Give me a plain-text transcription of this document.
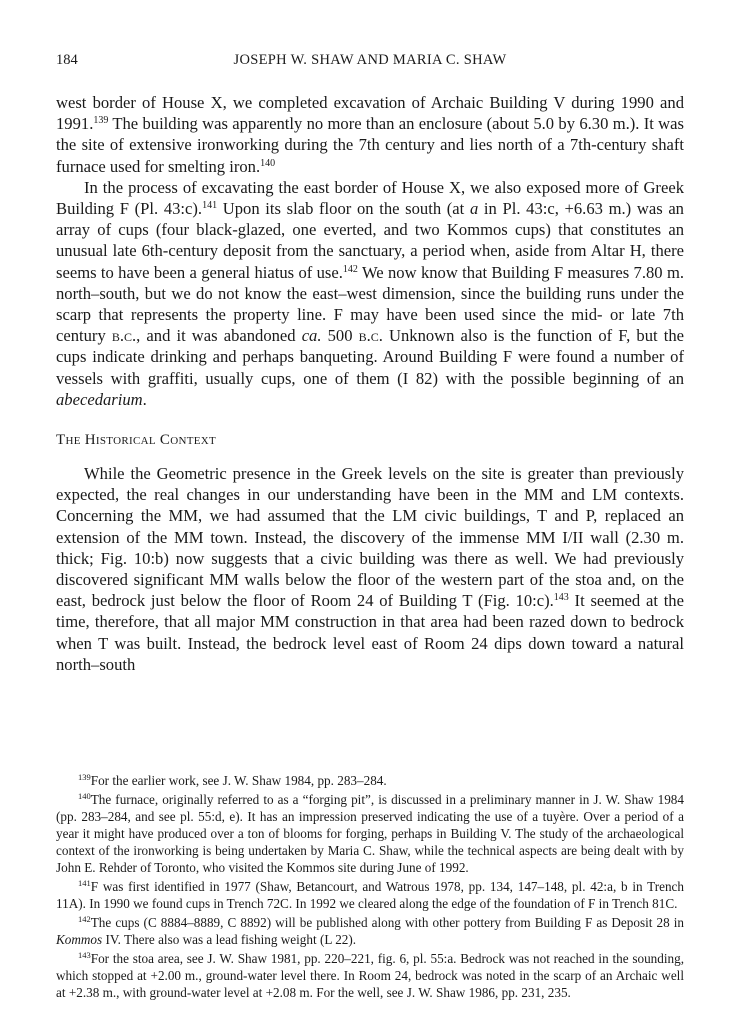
184	JOSEPH W. SHAW AND MARIA C. SHAW

west border of House X, we completed excavation of Archaic Building V during 1990 and 1991.$^{139}$ The building was apparently no more than an enclosure (about 5.0 by 6.30 m.). It was the site of extensive ironworking during the 7th century and lies north of a 7th-century shaft furnace used for smelting iron.$^{140}$

In the process of excavating the east border of House X, we also exposed more of Greek Building F (Pl. 43:c).$^{141}$ Upon its slab floor on the south (at a in Pl. 43:c, +6.63 m.) was an array of cups (four black-glazed, one everted, and two Kommos cups) that constitutes an unusual late 6th-century deposit from the sanctuary, a period when, aside from Altar H, there seems to have been a general hiatus of use.$^{142}$ We now know that Building F measures 7.80 m. north–south, but we do not know the east–west dimension, since the building runs under the scarp that represents the property line. F may have been used since the mid- or late 7th century b.c., and it was abandoned ca. 500 b.c. Unknown also is the function of F, but the cups indicate drinking and perhaps banqueting. Around Building F were found a number of vessels with graffiti, usually cups, one of them (I 82) with the possible beginning of an abecedarium.

The Historical Context

While the Geometric presence in the Greek levels on the site is greater than previously expected, the real changes in our understanding have been in the MM and LM contexts. Concerning the MM, we had assumed that the LM civic buildings, T and P, replaced an extension of the MM town. Instead, the discovery of the immense MM I/II wall (2.30 m. thick; Fig. 10:b) now suggests that a civic building was there as well. We had previously discovered significant MM walls below the floor of the western part of the stoa and, on the east, bedrock just below the floor of Room 24 of Building T (Fig. 10:c).$^{143}$ It seemed at the time, therefore, that all major MM construction in that area had been razed down to bedrock when T was built. Instead, the bedrock level east of Room 24 dips down toward a natural north–south

$^{139}$For the earlier work, see J. W. Shaw 1984, pp. 283–284.

$^{140}$The furnace, originally referred to as a “forging pit”, is discussed in a preliminary manner in J. W. Shaw 1984 (pp. 283–284, and see pl. 55:d, e). It has an impression preserved indicating the use of a tuyère. Over a period of a year it might have produced over a ton of blooms for forging, perhaps in Building V. The study of the archaeological context of the ironworking is being undertaken by Maria C. Shaw, while the technical aspects are being dealt with by John E. Rehder of Toronto, who visited the Kommos site during June of 1992.

$^{141}$F was first identified in 1977 (Shaw, Betancourt, and Watrous 1978, pp. 134, 147–148, pl. 42:a, b in Trench 11A). In 1990 we found cups in Trench 72C. In 1992 we cleared along the edge of the foundation of F in Trench 81C.

$^{142}$The cups (C 8884–8889, C 8892) will be published along with other pottery from Building F as Deposit 28 in Kommos IV. There also was a lead fishing weight (L 22).

$^{143}$For the stoa area, see J. W. Shaw 1981, pp. 220–221, fig. 6, pl. 55:a. Bedrock was not reached in the sounding, which stopped at +2.00 m., ground-water level there. In Room 24, bedrock was noted in the scarp of an Archaic well at +2.38 m., with ground-water level at +2.08 m. For the well, see J. W. Shaw 1986, pp. 231, 235.
